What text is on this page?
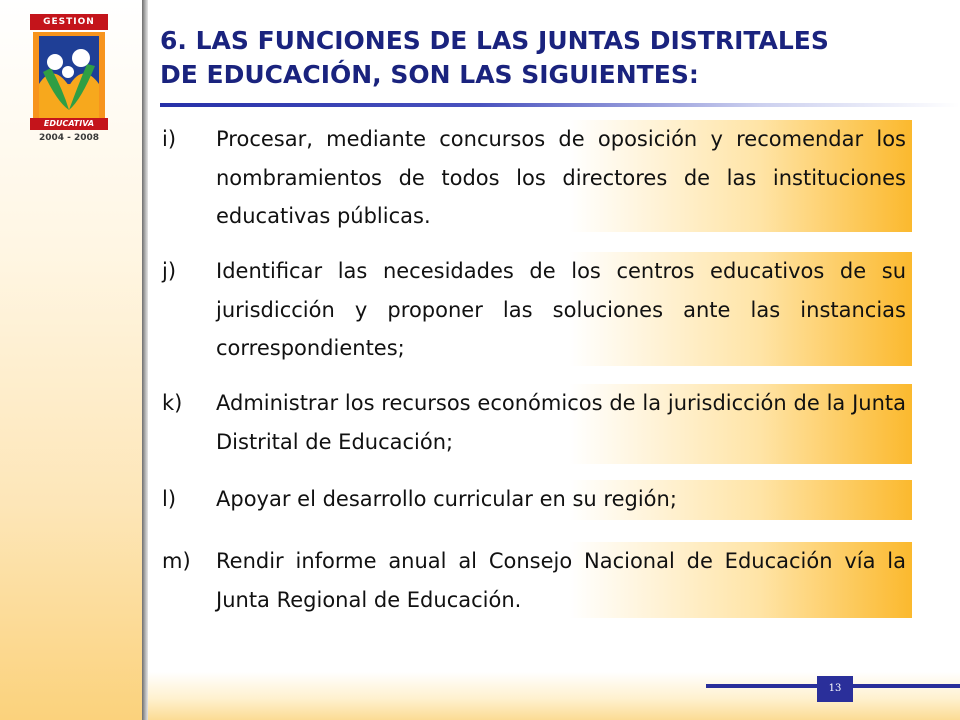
GESTION
EDUCATIVA
2004 - 2008
6. LAS FUNCIONES DE LAS JUNTAS DISTRITALES
DE EDUCACIÓN, SON LAS SIGUIENTES:
i) Procesar, mediante concursos de oposición y recomendar los nombramientos de todos los directores de las instituciones educativas públicas.
j) Identificar las necesidades de los centros educativos de su jurisdicción y proponer las soluciones ante las instancias correspondientes;
k) Administrar los recursos económicos de la jurisdicción de la Junta Distrital de Educación;
l) Apoyar el desarrollo curricular en su región;
m) Rendir informe anual al Consejo Nacional de Educación vía la Junta Regional de Educación.
13
